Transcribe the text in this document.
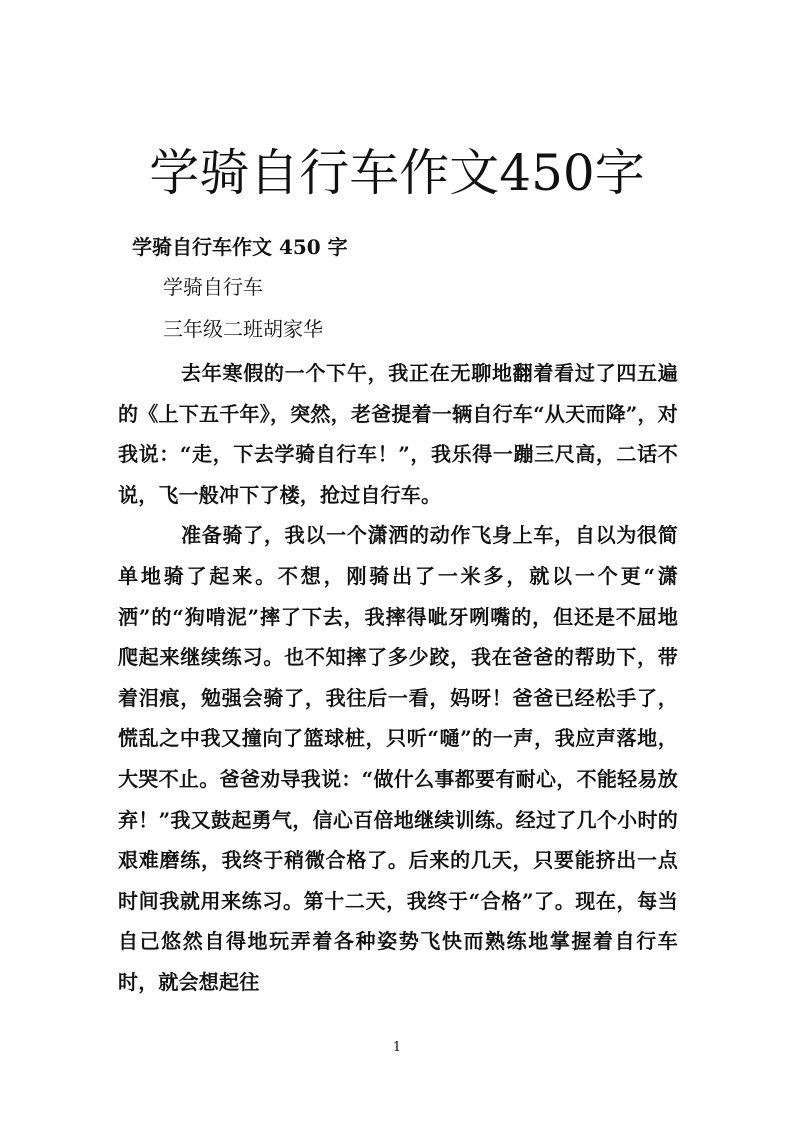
学骑自行车作文450字

学骑自行车作文 450 字

学骑自行车

三年级二班胡家华

去年寒假的一个下午，我正在无聊地翻着看过了四五遍的《上下五千年》，突然，老爸提着一辆自行车“从天而降”，对我说：“走，下去学骑自行车！”，我乐得一蹦三尺高，二话不说，飞一般冲下了楼，抢过自行车。

准备骑了，我以一个潇洒的动作飞身上车，自以为很简单地骑了起来。不想，刚骑出了一米多，就以一个更“潇洒”的“狗啃泥”摔了下去，我摔得呲牙咧嘴的，但还是不屈地爬起来继续练习。也不知摔了多少跤，我在爸爸的帮助下，带着泪痕，勉强会骑了，我往后一看，妈呀！爸爸已经松手了，慌乱之中我又撞向了篮球桩，只听“嗵”的一声，我应声落地，大哭不止。爸爸劝导我说：“做什么事都要有耐心，不能轻易放弃！”我又鼓起勇气，信心百倍地继续训练。经过了几个小时的艰难磨练，我终于稍微合格了。后来的几天，只要能挤出一点时间我就用来练习。第十二天，我终于“合格”了。现在，每当自己悠然自得地玩弄着各种姿势飞快而熟练地掌握着自行车时，就会想起往

1
